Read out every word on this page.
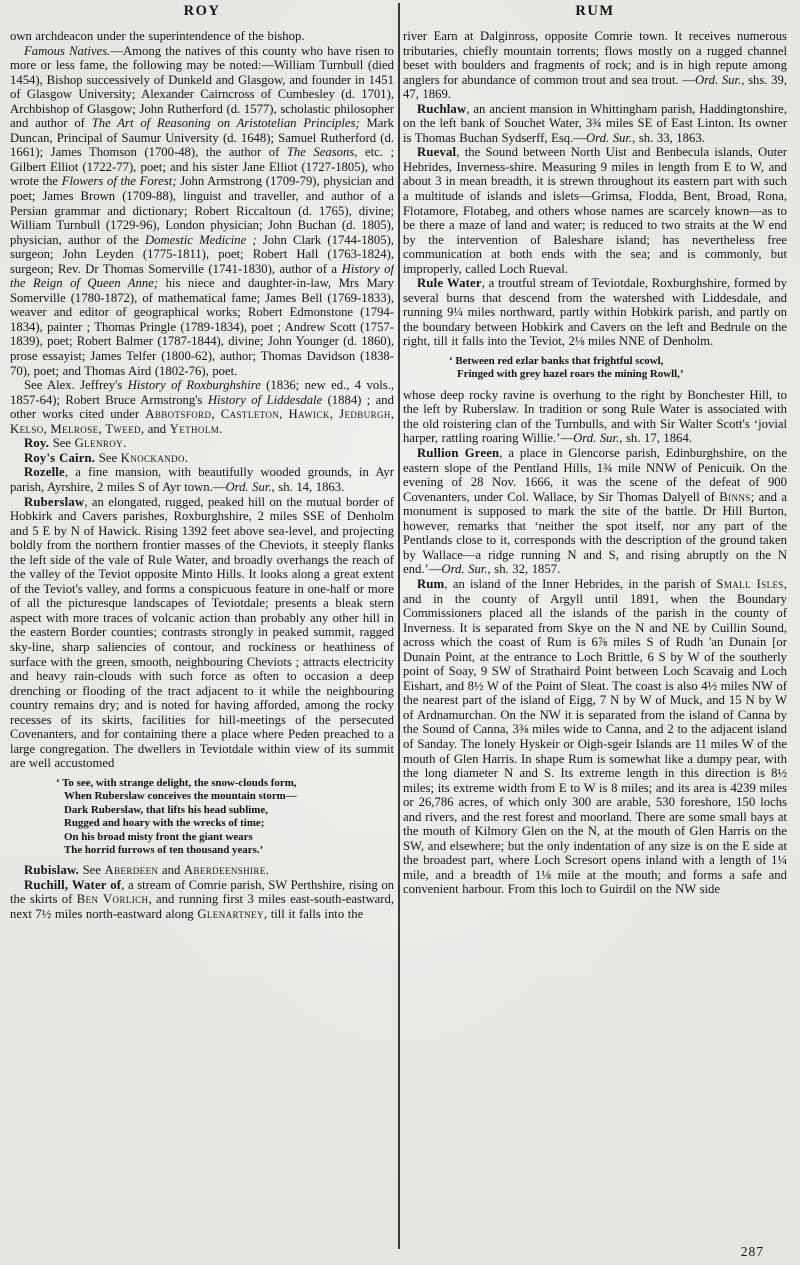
ROY

own archdeacon under the superintendence of the bishop.

Famous Natives.—Among the natives of this county who have risen to more or less fame, the following may be noted:—William Turnbull (died 1454), Bishop successively of Dunkeld and Glasgow, and founder in 1451 of Glasgow University; Alexander Cairncross of Cumbesley (d. 1701), Archbishop of Glasgow; John Rutherford (d. 1577), scholastic philosopher and author of The Art of Reasoning on Aristotelian Principles; Mark Duncan, Principal of Saumur University (d. 1648); Samuel Rutherford (d. 1661); James Thomson (1700-48), the author of The Seasons, etc. ; Gilbert Elliot (1722-77), poet; and his sister Jane Elliot (1727-1805), who wrote the Flowers of the Forest; John Armstrong (1709-79), physician and poet; James Brown (1709-88), linguist and traveller, and author of a Persian grammar and dictionary; Robert Riccaltoun (d. 1765), divine; William Turnbull (1729-96), London physician; John Buchan (d. 1805), physician, author of the Domestic Medicine ; John Clark (1744-1805), surgeon; John Leyden (1775-1811), poet; Robert Hall (1763-1824), surgeon; Rev. Dr Thomas Somerville (1741-1830), author of a History of the Reign of Queen Anne; his niece and daughter-in-law, Mrs Mary Somerville (1780-1872), of mathematical fame; James Bell (1769-1833), weaver and editor of geographical works; Robert Edmonstone (1794-1834), painter ; Thomas Pringle (1789-1834), poet ; Andrew Scott (1757-1839), poet; Robert Balmer (1787-1844), divine; John Younger (d. 1860), prose essayist; James Telfer (1800-62), author; Thomas Davidson (1838-70), poet; and Thomas Aird (1802-76), poet.

See Alex. Jeffrey's History of Roxburghshire (1836; new ed., 4 vols., 1857-64); Robert Bruce Armstrong's History of Liddesdale (1884) ; and other works cited under Abbotsford, Castleton, Hawick, Jedburgh, Kelso, Melrose, Tweed, and Yetholm.

Roy. See Glenroy.

Roy's Cairn. See Knockando.

Rozelle, a fine mansion, with beautifully wooded grounds, in Ayr parish, Ayrshire, 2 miles S of Ayr town.—Ord. Sur., sh. 14, 1863.

Ruberslaw, an elongated, rugged, peaked hill on the mutual border of Hobkirk and Cavers parishes, Roxburghshire, 2 miles SSE of Denholm and 5 E by N of Hawick. Rising 1392 feet above sea-level, and projecting boldly from the northern frontier masses of the Cheviots, it steeply flanks the left side of the vale of Rule Water, and broadly overhangs the reach of the valley of the Teviot opposite Minto Hills. It looks along a great extent of the Teviot's valley, and forms a conspicuous feature in one-half or more of all the picturesque landscapes of Teviotdale; presents a bleak stern aspect with more traces of volcanic action than probably any other hill in the eastern Border counties; contrasts strongly in peaked summit, ragged sky-line, sharp saliencies of contour, and rockiness or heathiness of surface with the green, smooth, neighbouring Cheviots ; attracts electricity and heavy rain-clouds with such force as often to occasion a deep drenching or flooding of the tract adjacent to it while the neighbouring country remains dry; and is noted for having afforded, among the rocky recesses of its skirts, facilities for hill-meetings of the persecuted Covenanters, and for containing there a place where Peden preached to a large congregation. The dwellers in Teviotdale within view of its summit are well accustomed

‘ To see, with strange delight, the snow-clouds form,
When Ruberslaw conceives the mountain storm—
Dark Ruberslaw, that lifts his head sublime,
Rugged and hoary with the wrecks of time;
On his broad misty front the giant wears
The horrid furrows of ten thousand years.’

Rubislaw. See Aberdeen and Aberdeenshire.

Ruchill, Water of, a stream of Comrie parish, SW Perthshire, rising on the skirts of Ben Vorlich, and running first 3 miles east-south-eastward, next 7½ miles north-eastward along Glenartney, till it falls into the

RUM

river Earn at Dalginross, opposite Comrie town. It receives numerous tributaries, chiefly mountain torrents; flows mostly on a rugged channel beset with boulders and fragments of rock; and is in high repute among anglers for abundance of common trout and sea trout. —Ord. Sur., shs. 39, 47, 1869.

Ruchlaw, an ancient mansion in Whittingham parish, Haddingtonshire, on the left bank of Souchet Water, 3¾ miles SE of East Linton. Its owner is Thomas Buchan Sydserff, Esq.—Ord. Sur., sh. 33, 1863.

Rueval, the Sound between North Uist and Benbecula islands, Outer Hebrides, Inverness-shire. Measuring 9 miles in length from E to W, and about 3 in mean breadth, it is strewn throughout its eastern part with such a multitude of islands and islets—Grimsa, Flodda, Bent, Broad, Rona, Flotamore, Flotabeg, and others whose names are scarcely known—as to be there a maze of land and water; is reduced to two straits at the W end by the intervention of Baleshare island; has nevertheless free communication at both ends with the sea; and is commonly, but improperly, called Loch Rueval.

Rule Water, a troutful stream of Teviotdale, Roxburghshire, formed by several burns that descend from the watershed with Liddesdale, and running 9¼ miles northward, partly within Hobkirk parish, and partly on the boundary between Hobkirk and Cavers on the left and Bedrule on the right, till it falls into the Teviot, 2⅛ miles NNE of Denholm.

‘ Between red ezlar banks that frightful scowl,
Fringed with grey hazel roars the mining Rowll,’

whose deep rocky ravine is overhung to the right by Bonchester Hill, to the left by Ruberslaw. In tradition or song Rule Water is associated with the old roistering clan of the Turnbulls, and with Sir Walter Scott's ‘jovial harper, rattling roaring Willie.’—Ord. Sur., sh. 17, 1864.

Rullion Green, a place in Glencorse parish, Edinburghshire, on the eastern slope of the Pentland Hills, 1¾ mile NNW of Penicuik. On the evening of 28 Nov. 1666, it was the scene of the defeat of 900 Covenanters, under Col. Wallace, by Sir Thomas Dalyell of Binns; and a monument is supposed to mark the site of the battle. Dr Hill Burton, however, remarks that ‘neither the spot itself, nor any part of the Pentlands close to it, corresponds with the description of the ground taken by Wallace—a ridge running N and S, and rising abruptly on the N end.’—Ord. Sur., sh. 32, 1857.

Rum, an island of the Inner Hebrides, in the parish of Small Isles, and in the county of Argyll until 1891, when the Boundary Commissioners placed all the islands of the parish in the county of Inverness. It is separated from Skye on the N and NE by Cuillin Sound, across which the coast of Rum is 6⅞ miles S of Rudh 'an Dunain [or Dunain Point, at the entrance to Loch Brittle, 6 S by W of the southerly point of Soay, 9 SW of Strathaird Point between Loch Scavaig and Loch Eishart, and 8½ W of the Point of Sleat. The coast is also 4½ miles NW of the nearest part of the island of Eigg, 7 N by W of Muck, and 15 N by W of Ardnamurchan. On the NW it is separated from the island of Canna by the Sound of Canna, 3⅜ miles wide to Canna, and 2 to the adjacent island of Sanday. The lonely Hyskeir or Oigh-sgeir Islands are 11 miles W of the mouth of Glen Harris. In shape Rum is somewhat like a dumpy pear, with the long diameter N and S. Its extreme length in this direction is 8½ miles; its extreme width from E to W is 8 miles; and its area is 4239 miles or 26,786 acres, of which only 300 are arable, 530 foreshore, 150 lochs and rivers, and the rest forest and moorland. There are some small bays at the mouth of Kilmory Glen on the N, at the mouth of Glen Harris on the SW, and elsewhere; but the only indentation of any size is on the E side at the broadest part, where Loch Scresort opens inland with a length of 1¼ mile, and a breadth of 1⅛ mile at the mouth; and forms a safe and convenient harbour. From this loch to Guirdil on the NW side

287
